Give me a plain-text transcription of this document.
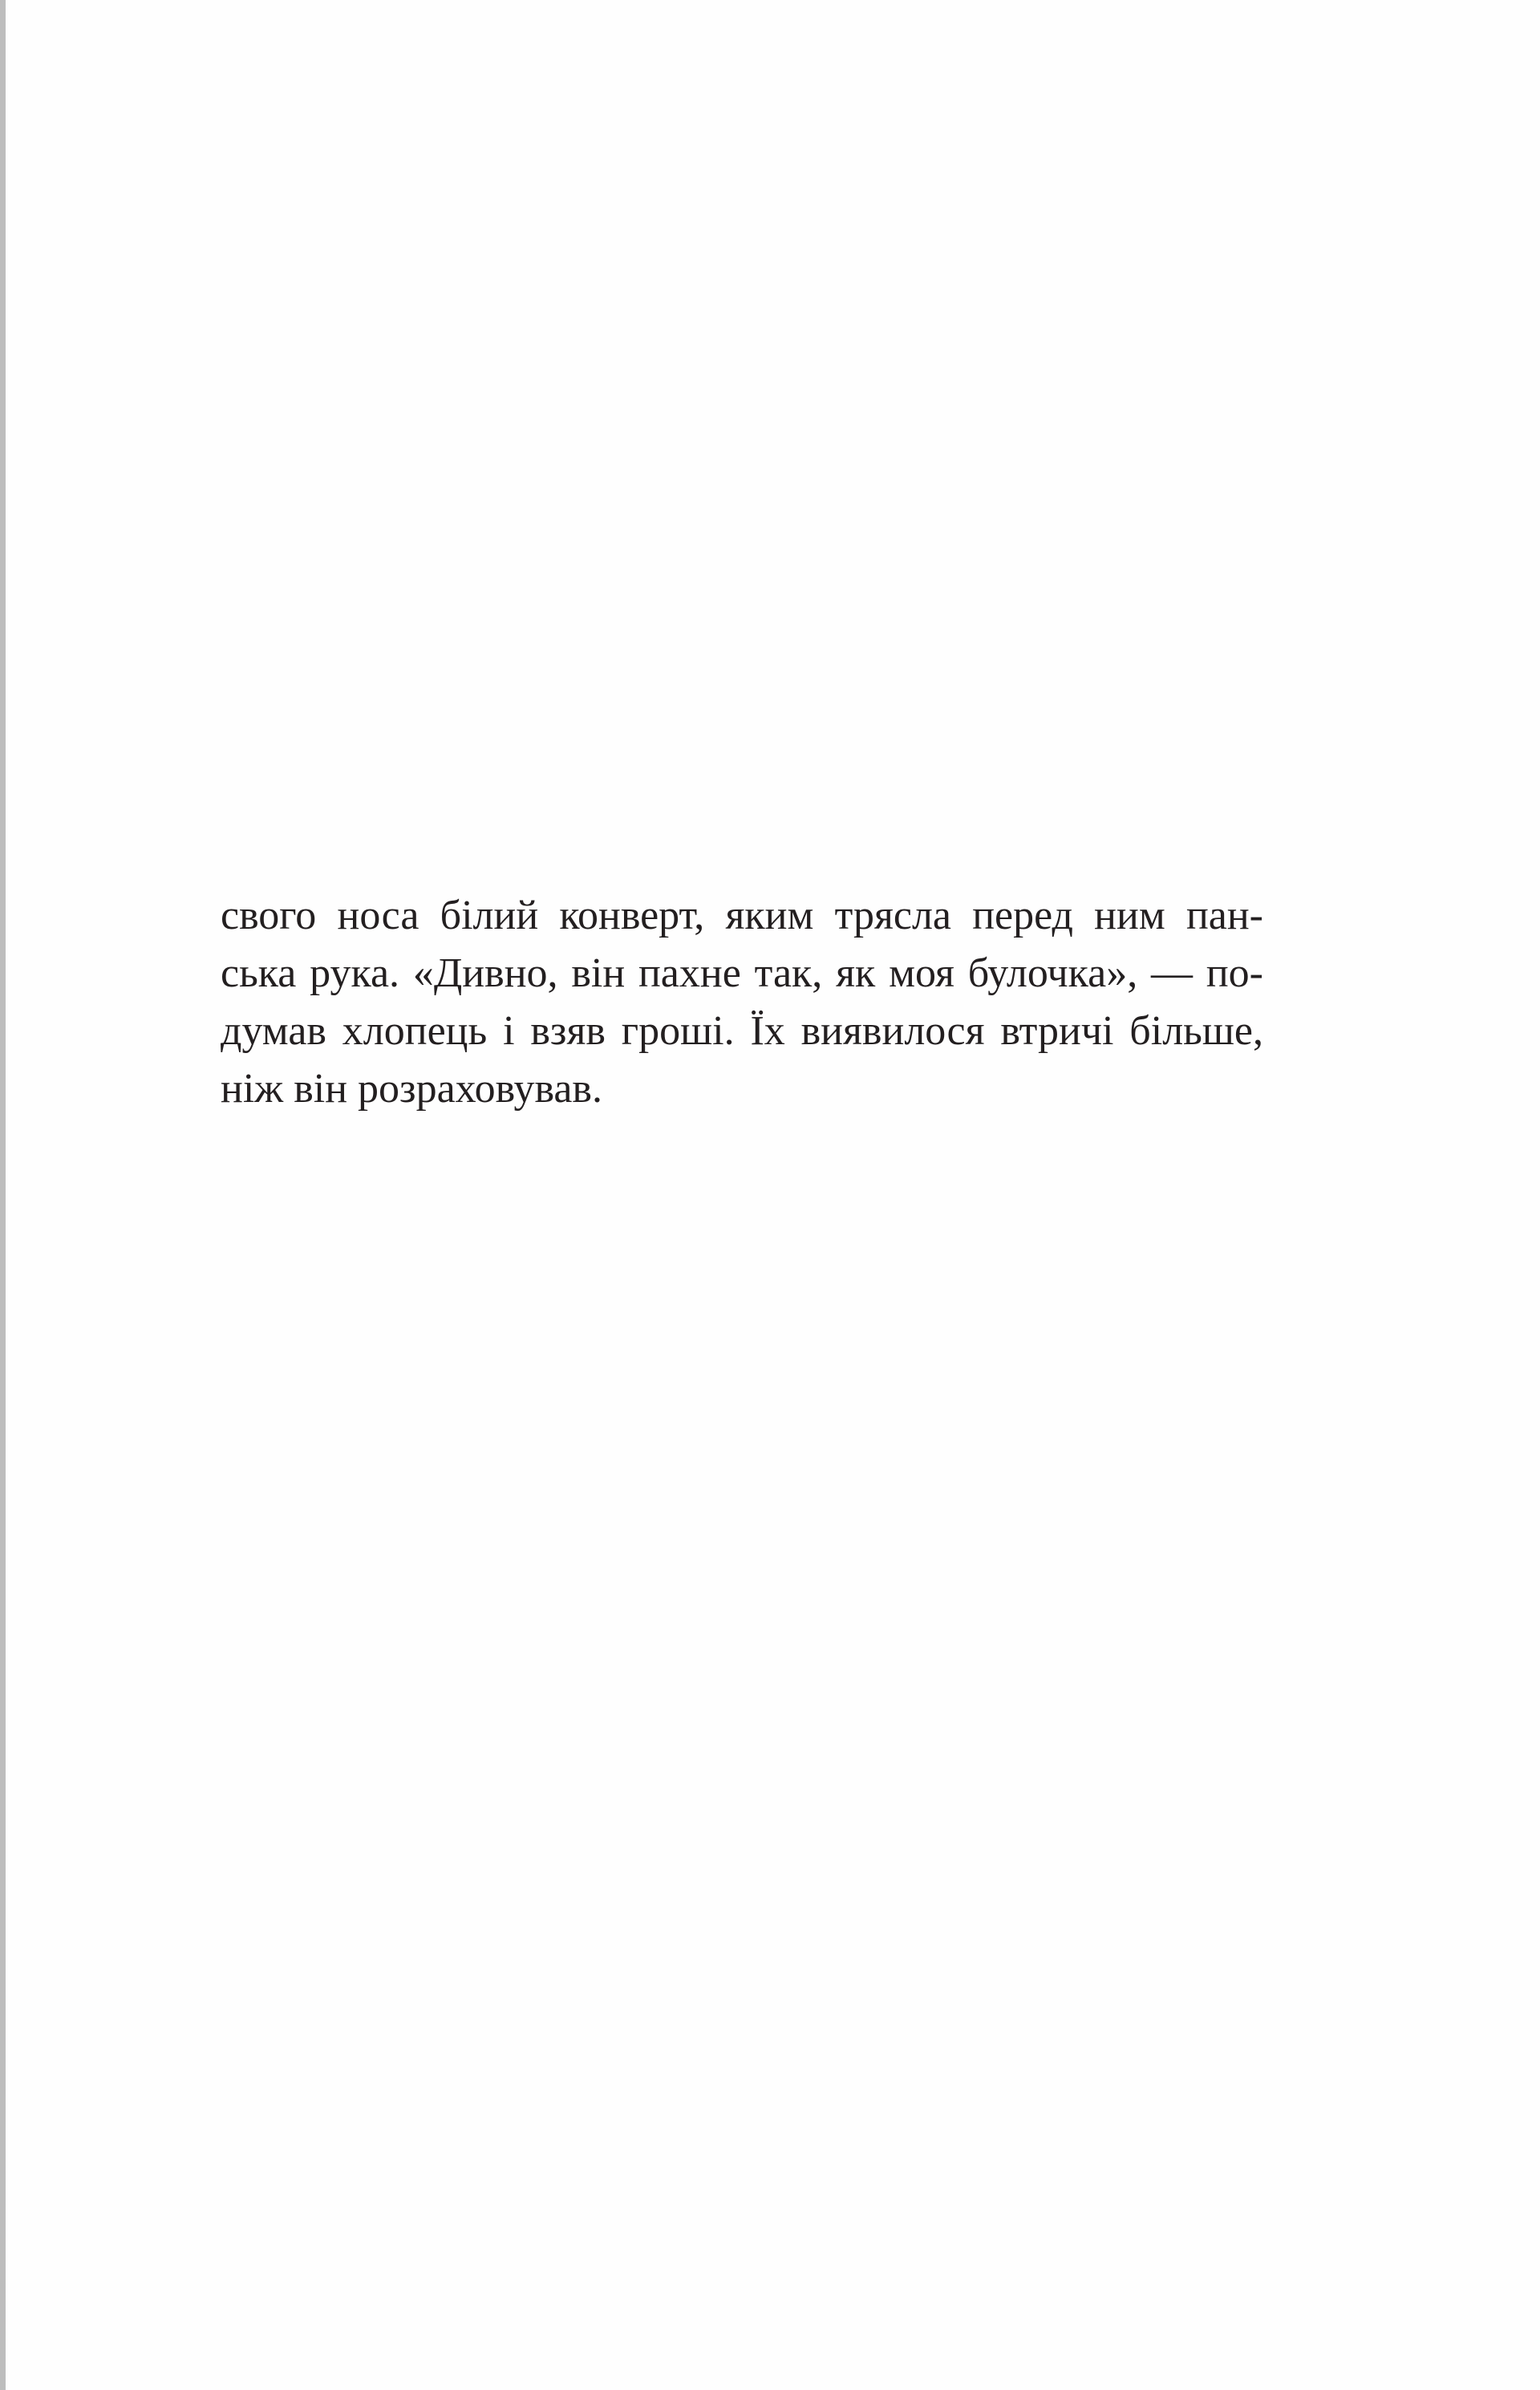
свого носа білий конверт, яким трясла перед ним пан-
ська рука. «Дивно, він пахне так, як моя булочка», — по-
думав хлопець і взяв гроші. Їх виявилося втричі більше,
ніж він розраховував.
